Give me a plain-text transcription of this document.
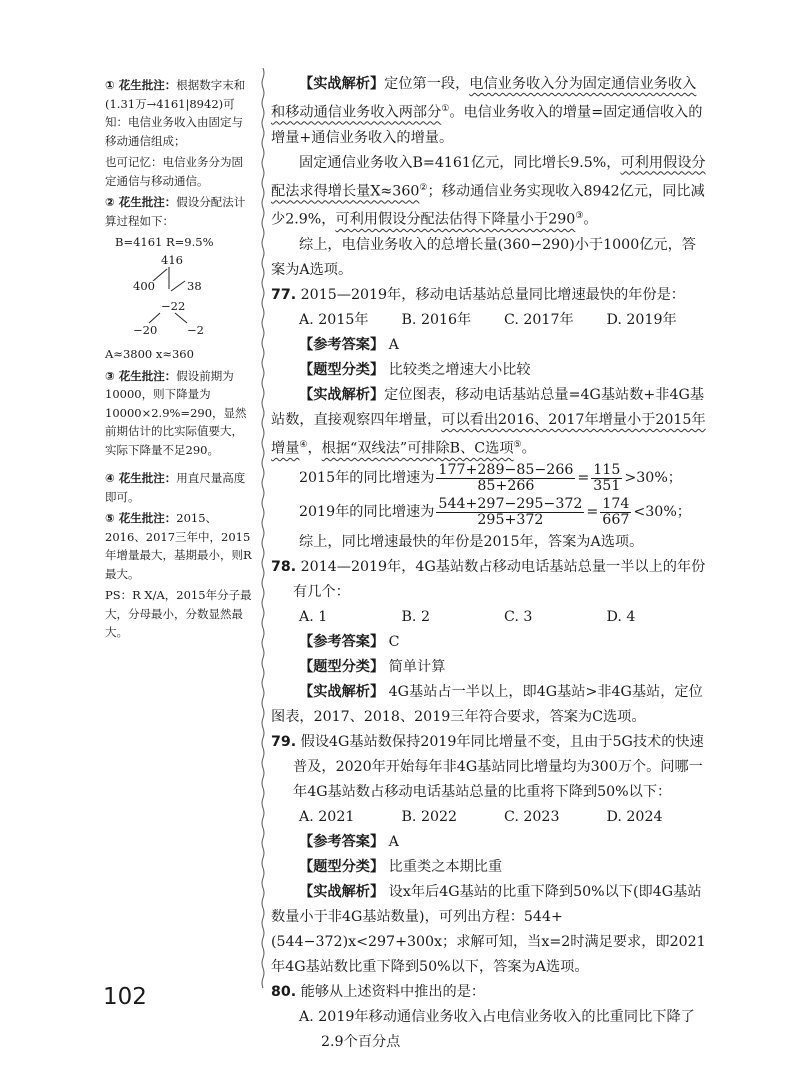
① 花生批注：根据数字末和(1.31万→4161|8942)可知：电信业务收入由固定与移动通信组成；

也可记忆：电信业务分为固定通信与移动通信。

② 花生批注：假设分配法计算过程如下：

B=4161 R=9.5%
416
400	38
−22
−20	−2

A≈3800 x≈360

③ 花生批注：假设前期为10000，则下降量为10000×2.9%=290，显然前期估计的比实际值要大，实际下降量不足290。

④ 花生批注：用直尺量高度即可。

⑤ 花生批注：2015、2016、2017三年中，2015年增量最大，基期最小，则R最大。

PS：R X/A，2015年分子最大，分母最小，分数显然最大。

【实战解析】定位第一段，电信业务收入分为固定通信业务收入和移动通信业务收入两部分①。电信业务收入的增量=固定通信收入的增量+通信业务收入的增量。

固定通信业务收入B=4161亿元，同比增长9.5%，可利用假设分配法求得增长量X≈360②；移动通信业务实现收入8942亿元，同比减少2.9%，可利用假设分配法估得下降量小于290③。

综上，电信业务收入的总增长量(360−290)小于1000亿元，答案为A选项。

77. 2015—2019年，移动电话基站总量同比增速最快的年份是：

A. 2015年	B. 2016年	C. 2017年	D. 2019年

【参考答案】 A

【题型分类】 比较类之增速大小比较

【实战解析】定位图表，移动电话基站总量=4G基站数+非4G基站数，直接观察四年增量，可以看出2016、2017年增量小于2015年增量④，根据“双线法”可排除B、C选项⑤。

2015年的同比增速为 $\frac{177+289-85-266}{85+266} = \frac{115}{351} >30\%$；
2019年的同比增速为 $\frac{544+297-295-372}{295+372} = \frac{174}{667} <30\%$；

综上，同比增速最快的年份是2015年，答案为A选项。

78. 2014—2019年，4G基站数占移动电话基站总量一半以上的年份有几个：

A. 1	B. 2	C. 3	D. 4

【参考答案】 C

【题型分类】 简单计算

【实战解析】 4G基站占一半以上，即4G基站>非4G基站，定位图表，2017、2018、2019三年符合要求，答案为C选项。

79. 假设4G基站数保持2019年同比增量不变，且由于5G技术的快速普及，2020年开始每年非4G基站同比增量均为300万个。问哪一年4G基站数占移动电话基站总量的比重将下降到50%以下：

A. 2021	B. 2022	C. 2023	D. 2024

【参考答案】 A

【题型分类】 比重类之本期比重

【实战解析】 设x年后4G基站的比重下降到50%以下(即4G基站数量小于非4G基站数量)，可列出方程：544+(544−372)x<297+300x；求解可知，当x=2时满足要求，即2021年4G基站数比重下降到50%以下，答案为A选项。

80. 能够从上述资料中推出的是：

A. 2019年移动通信业务收入占电信业务收入的比重同比下降了2.9个百分点

102
